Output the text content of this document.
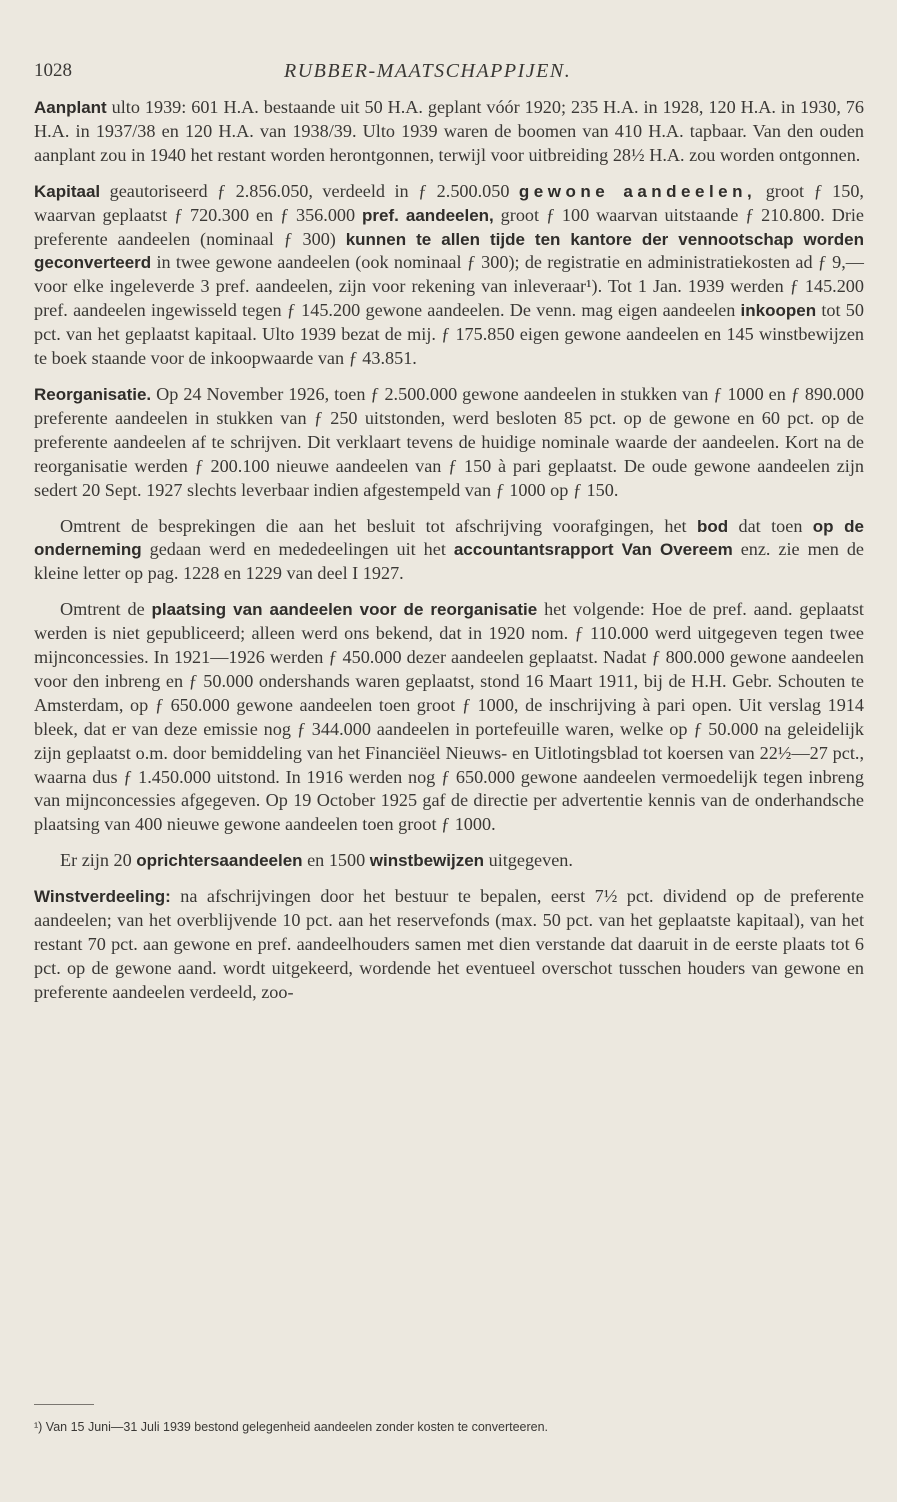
1028	RUBBER-MAATSCHAPPIJEN.

Aanplant ulto 1939: 601 H.A. bestaande uit 50 H.A. geplant vóór 1920; 235 H.A. in 1928, 120 H.A. in 1930, 76 H.A. in 1937/38 en 120 H.A. van 1938/39. Ulto 1939 waren de boomen van 410 H.A. tapbaar. Van den ouden aanplant zou in 1940 het restant worden herontgonnen, terwijl voor uitbreiding 28½ H.A. zou worden ontgonnen.

Kapitaal geautoriseerd ƒ 2.856.050, verdeeld in ƒ 2.500.050 gewone aandeelen, groot ƒ 150, waarvan geplaatst ƒ 720.300 en ƒ 356.000 pref. aandeelen, groot ƒ 100 waarvan uitstaande ƒ 210.800. Drie preferente aandeelen (nominaal ƒ 300) kunnen te allen tijde ten kantore der vennootschap worden geconverteerd in twee gewone aandeelen (ook nominaal ƒ 300); de registratie en administratiekosten ad ƒ 9,— voor elke ingeleverde 3 pref. aandeelen, zijn voor rekening van inleveraar¹). Tot 1 Jan. 1939 werden ƒ 145.200 pref. aandeelen ingewisseld tegen ƒ 145.200 gewone aandeelen. De venn. mag eigen aandeelen inkoopen tot 50 pct. van het geplaatst kapitaal. Ulto 1939 bezat de mij. ƒ 175.850 eigen gewone aandeelen en 145 winstbewijzen te boek staande voor de inkoopwaarde van ƒ 43.851.

Reorganisatie. Op 24 November 1926, toen ƒ 2.500.000 gewone aandeelen in stukken van ƒ 1000 en ƒ 890.000 preferente aandeelen in stukken van ƒ 250 uitstonden, werd besloten 85 pct. op de gewone en 60 pct. op de preferente aandeelen af te schrijven. Dit verklaart tevens de huidige nominale waarde der aandeelen. Kort na de reorganisatie werden ƒ 200.100 nieuwe aandeelen van ƒ 150 à pari geplaatst. De oude gewone aandeelen zijn sedert 20 Sept. 1927 slechts leverbaar indien afgestempeld van ƒ 1000 op ƒ 150.

Omtrent de besprekingen die aan het besluit tot afschrijving voorafgingen, het bod dat toen op de onderneming gedaan werd en mededeelingen uit het accountantsrapport Van Overeem enz. zie men de kleine letter op pag. 1228 en 1229 van deel I 1927.

Omtrent de plaatsing van aandeelen voor de reorganisatie het volgende: Hoe de pref. aand. geplaatst werden is niet gepubliceerd; alleen werd ons bekend, dat in 1920 nom. ƒ 110.000 werd uitgegeven tegen twee mijnconcessies. In 1921—1926 werden ƒ 450.000 dezer aandeelen geplaatst. Nadat ƒ 800.000 gewone aandeelen voor den inbreng en ƒ 50.000 ondershands waren geplaatst, stond 16 Maart 1911, bij de H.H. Gebr. Schouten te Amsterdam, op ƒ 650.000 gewone aandeelen toen groot ƒ 1000, de inschrijving à pari open. Uit verslag 1914 bleek, dat er van deze emissie nog ƒ 344.000 aandeelen in portefeuille waren, welke op ƒ 50.000 na geleidelijk zijn geplaatst o.m. door bemiddeling van het Financiëel Nieuws- en Uitlotingsblad tot koersen van 22½—27 pct., waarna dus ƒ 1.450.000 uitstond. In 1916 werden nog ƒ 650.000 gewone aandeelen vermoedelijk tegen inbreng van mijnconcessies afgegeven. Op 19 October 1925 gaf de directie per advertentie kennis van de onderhandsche plaatsing van 400 nieuwe gewone aandeelen toen groot ƒ 1000.

Er zijn 20 oprichtersaandeelen en 1500 winstbewijzen uitgegeven.

Winstverdeeling: na afschrijvingen door het bestuur te bepalen, eerst 7½ pct. dividend op de preferente aandeelen; van het overblijvende 10 pct. aan het reservefonds (max. 50 pct. van het geplaatste kapitaal), van het restant 70 pct. aan gewone en pref. aandeelhouders samen met dien verstande dat daaruit in de eerste plaats tot 6 pct. op de gewone aand. wordt uitgekeerd, wordende het eventueel overschot tusschen houders van gewone en preferente aandeelen verdeeld, zoo-

¹) Van 15 Juni—31 Juli 1939 bestond gelegenheid aandeelen zonder kosten te converteeren.
